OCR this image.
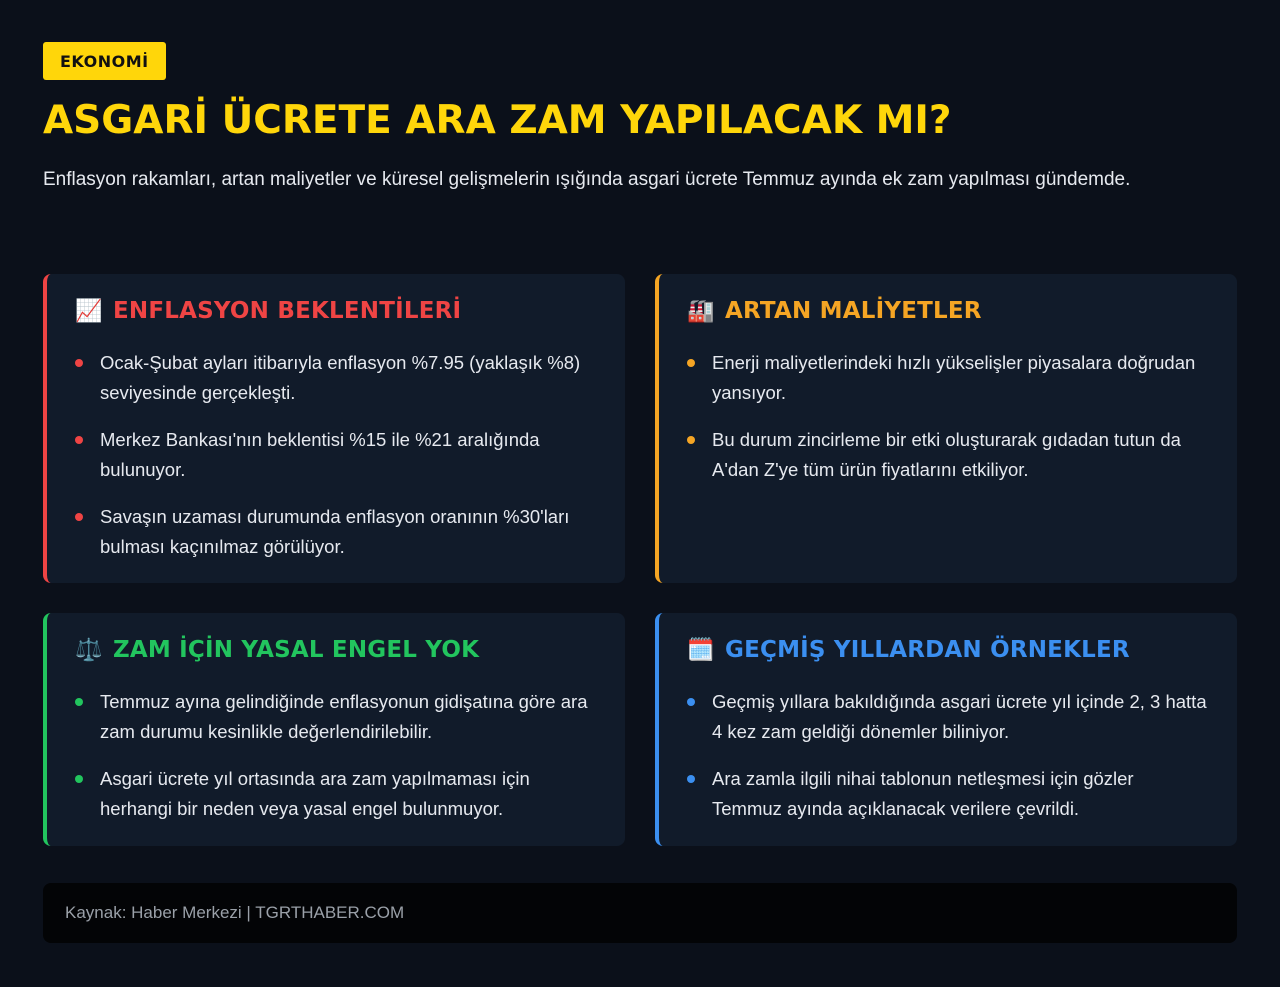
EKONOMİ
ASGARİ ÜCRETE ARA ZAM YAPILACAK MI?

Enflasyon rakamları, artan maliyetler ve küresel gelişmelerin ışığında asgari ücrete Temmuz ayında ek zam yapılması gündemde.

📈 ENFLASYON BEKLENTİLERİ
Ocak-Şubat ayları itibarıyla enflasyon %7.95 (yaklaşık %8) seviyesinde gerçekleşti.
Merkez Bankası'nın beklentisi %15 ile %21 aralığında bulunuyor.
Savaşın uzaması durumunda enflasyon oranının %30'ları bulması kaçınılmaz görülüyor.
🏭 ARTAN MALİYETLER
Enerji maliyetlerindeki hızlı yükselişler piyasalara doğrudan yansıyor.
Bu durum zincirleme bir etki oluşturarak gıdadan tutun da A'dan Z'ye tüm ürün fiyatlarını etkiliyor.
⚖️ ZAM İÇİN YASAL ENGEL YOK
Temmuz ayına gelindiğinde enflasyonun gidişatına göre ara zam durumu kesinlikle değerlendirilebilir.
Asgari ücrete yıl ortasında ara zam yapılmaması için herhangi bir neden veya yasal engel bulunmuyor.
🗓️ GEÇMİŞ YILLARDAN ÖRNEKLER
Geçmiş yıllara bakıldığında asgari ücrete yıl içinde 2, 3 hatta 4 kez zam geldiği dönemler biliniyor.
Ara zamla ilgili nihai tablonun netleşmesi için gözler Temmuz ayında açıklanacak verilere çevrildi.
Kaynak: Haber Merkezi | TGRTHABER.COM
